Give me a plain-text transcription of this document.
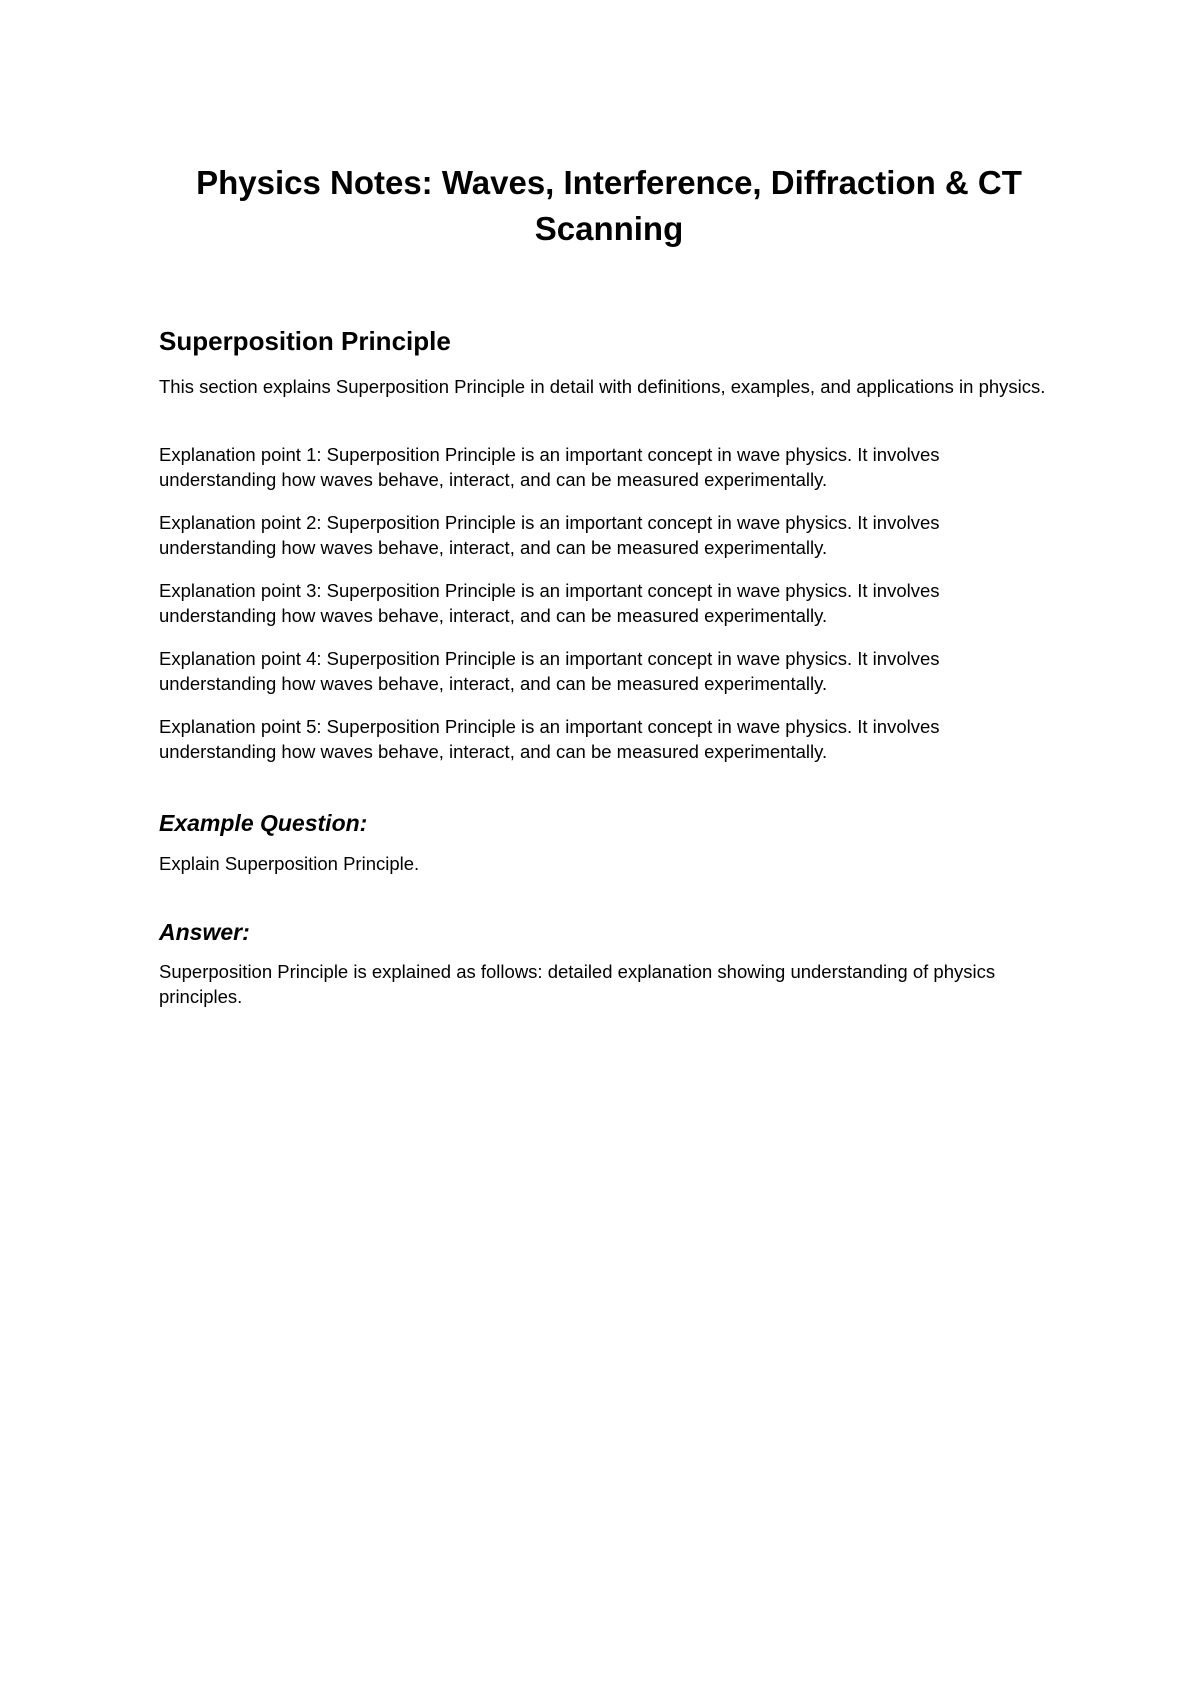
Physics Notes: Waves, Interference, Diffraction & CT Scanning
Superposition Principle

This section explains Superposition Principle in detail with definitions, examples, and applications in physics.

Explanation point 1: Superposition Principle is an important concept in wave physics. It involves understanding how waves behave, interact, and can be measured experimentally.

Explanation point 2: Superposition Principle is an important concept in wave physics. It involves understanding how waves behave, interact, and can be measured experimentally.

Explanation point 3: Superposition Principle is an important concept in wave physics. It involves understanding how waves behave, interact, and can be measured experimentally.

Explanation point 4: Superposition Principle is an important concept in wave physics. It involves understanding how waves behave, interact, and can be measured experimentally.

Explanation point 5: Superposition Principle is an important concept in wave physics. It involves understanding how waves behave, interact, and can be measured experimentally.

Example Question:

Explain Superposition Principle.

Answer:

Superposition Principle is explained as follows: detailed explanation showing understanding of physics principles.
